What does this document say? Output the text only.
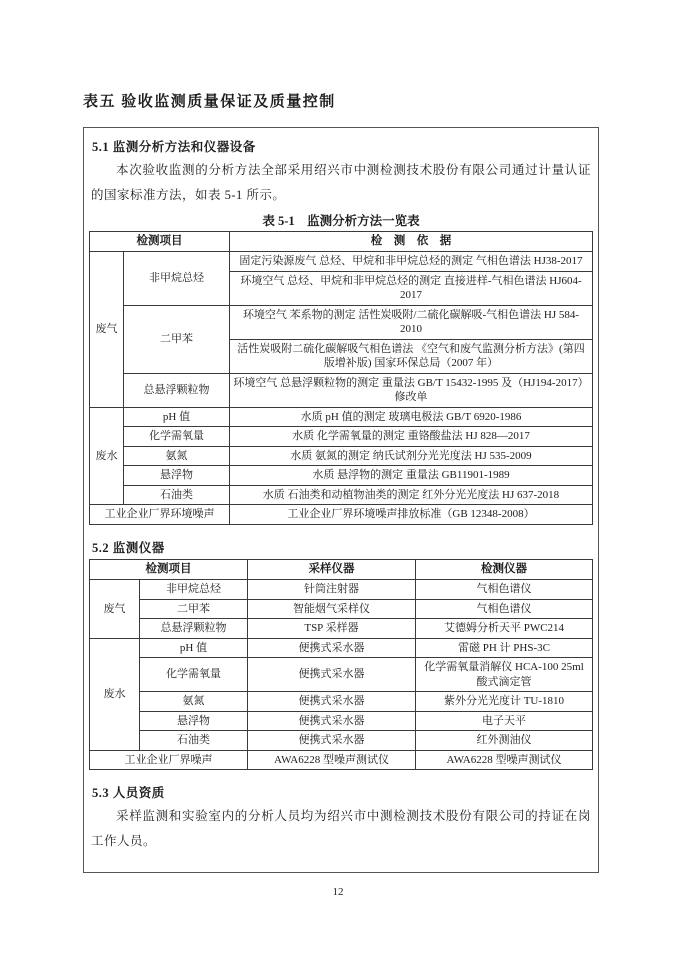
表五 验收监测质量保证及质量控制
5.1 监测分析方法和仪器设备

本次验收监测的分析方法全部采用绍兴市中测检测技术股份有限公司通过计量认证的国家标准方法，如表 5-1 所示。

表 5-1　监测分析方法一览表
检测项目		检　测　依　据
废气	非甲烷总烃	固定污染源废气 总烃、甲烷和非甲烷总烃的测定 气相色谱法 HJ38-2017
		环境空气 总烃、甲烷和非甲烷总烃的测定 直接进样-气相色谱法 HJ604-2017
	二甲苯	环境空气 苯系物的测定 活性炭吸附/二硫化碳解吸-气相色谱法 HJ 584-2010
		活性炭吸附二硫化碳解吸气相色谱法 《空气和废气监测分析方法》(第四版增补版) 国家环保总局（2007 年）
	总悬浮颗粒物	环境空气 总悬浮颗粒物的测定 重量法 GB/T 15432-1995 及（HJ194-2017）修改单
废水	pH 值	水质 pH 值的测定 玻璃电极法 GB/T 6920-1986
	化学需氧量	水质 化学需氧量的测定 重铬酸盐法 HJ 828—2017
	氨氮	水质 氨氮的测定 纳氏试剂分光光度法 HJ 535-2009
	悬浮物	水质 悬浮物的测定 重量法 GB11901-1989
	石油类	水质 石油类和动植物油类的测定 红外分光光度法 HJ 637-2018
工业企业厂界环境噪声		工业企业厂界环境噪声排放标准（GB 12348-2008）
5.2 监测仪器
检测项目		采样仪器	检测仪器
废气	非甲烷总烃	针筒注射器	气相色谱仪
	二甲苯	智能烟气采样仪	气相色谱仪
	总悬浮颗粒物	TSP 采样器	艾德姆分析天平 PWC214
废水	pH 值	便携式采水器	雷磁 PH 计 PHS-3C
	化学需氧量	便携式采水器	化学需氧量消解仪 HCA-100 25ml 酸式滴定管
	氨氮	便携式采水器	紫外分光光度计 TU-1810
	悬浮物	便携式采水器	电子天平
	石油类	便携式采水器	红外测油仪
工业企业厂界噪声		AWA6228 型噪声测试仪	AWA6228 型噪声测试仪
5.3 人员资质

采样监测和实验室内的分析人员均为绍兴市中测检测技术股份有限公司的持证在岗工作人员。

12
